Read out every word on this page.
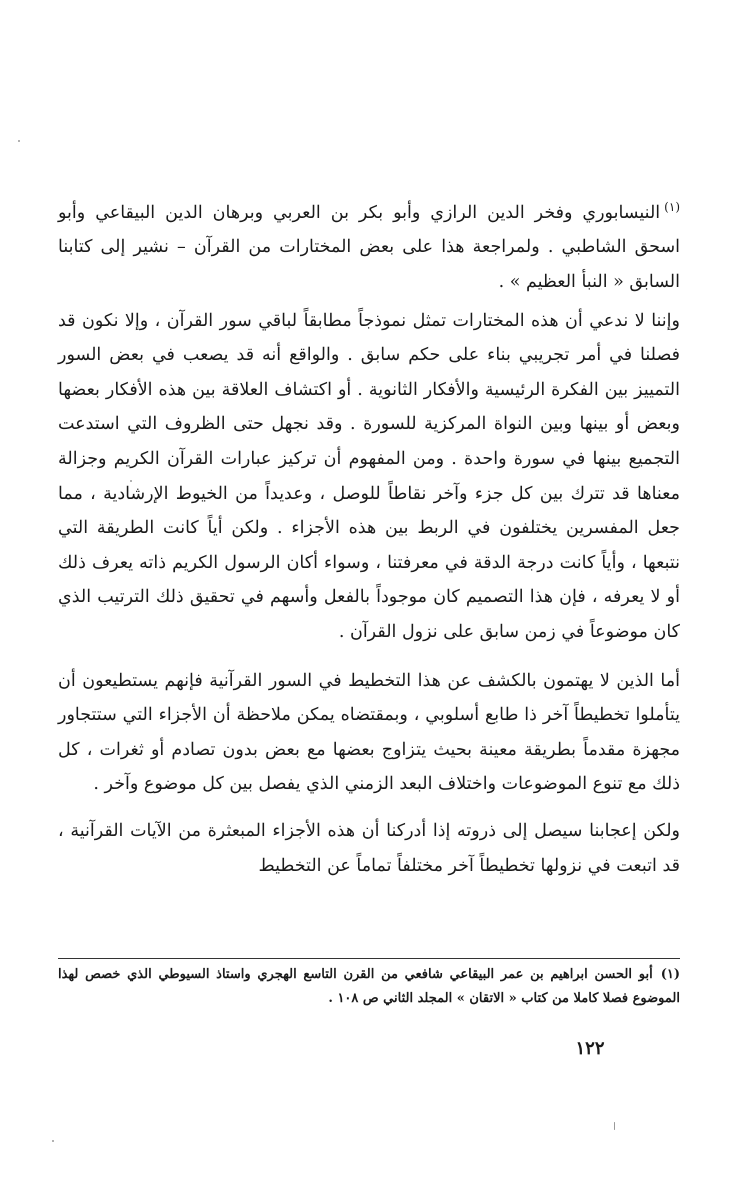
$^{(١)}$النيسابوري وفخر الدين الرازي وأبو بكر بن العربي وبرهان الدين البيقاعي وأبو اسحق الشاطبي . ولمراجعة هذا على بعض المختارات من القرآن – نشير إلى كتابنا السابق « النبأ العظيم » .

وإننا لا ندعي أن هذه المختارات تمثل نموذجاً مطابقاً لباقي سور القرآن ، وإلا نكون قد فصلنا في أمر تجريبي بناء على حكم سابق . والواقع أنه قد يصعب في بعض السور التمييز بين الفكرة الرئيسية والأفكار الثانوية . أو اكتشاف العلاقة بين هذه الأفكار بعضها وبعض أو بينها وبين النواة المركزية للسورة . وقد نجهل حتى الظروف التي استدعت التجميع بينها في سورة واحدة . ومن المفهوم أن تركيز عبارات القرآن الكريم وجزالة معناها قد تترك بين كل جزء وآخر نقاطاً للوصل ، وعديداً من الخيوط الإرشادية ، مما جعل المفسرين يختلفون في الربط بين هذه الأجزاء . ولكن أياً كانت الطريقة التي نتبعها ، وأياً كانت درجة الدقة في معرفتنا ، وسواء أكان الرسول الكريم ذاته يعرف ذلك أو لا يعرفه ، فإن هذا التصميم كان موجوداً بالفعل وأسهم في تحقيق ذلك الترتيب الذي كان موضوعاً في زمن سابق على نزول القرآن .

أما الذين لا يهتمون بالكشف عن هذا التخطيط في السور القرآنية فإنهم يستطيعون أن يتأملوا تخطيطاً آخر ذا طابع أسلوبي ، وبمقتضاه يمكن ملاحظة أن الأجزاء التي ستتجاور مجهزة مقدماً بطريقة معينة بحيث يتزاوج بعضها مع بعض بدون تصادم أو ثغرات ، كل ذلك مع تنوع الموضوعات واختلاف البعد الزمني الذي يفصل بين كل موضوع وآخر .

ولكن إعجابنا سيصل إلى ذروته إذا أدركنا أن هذه الأجزاء المبعثرة من الآيات القرآنية ، قد اتبعت في نزولها تخطيطاً آخر مختلفاً تماماً عن التخطيط

(١)أبو الحسن ابراهيم بن عمر البيقاعي شافعي من القرن التاسع الهجري واستاذ السيوطي الذي خصص لهذا الموضوع فصلا كاملا من كتاب « الاتقان » المجلد الثاني ص ١٠٨ .
١٢٢
